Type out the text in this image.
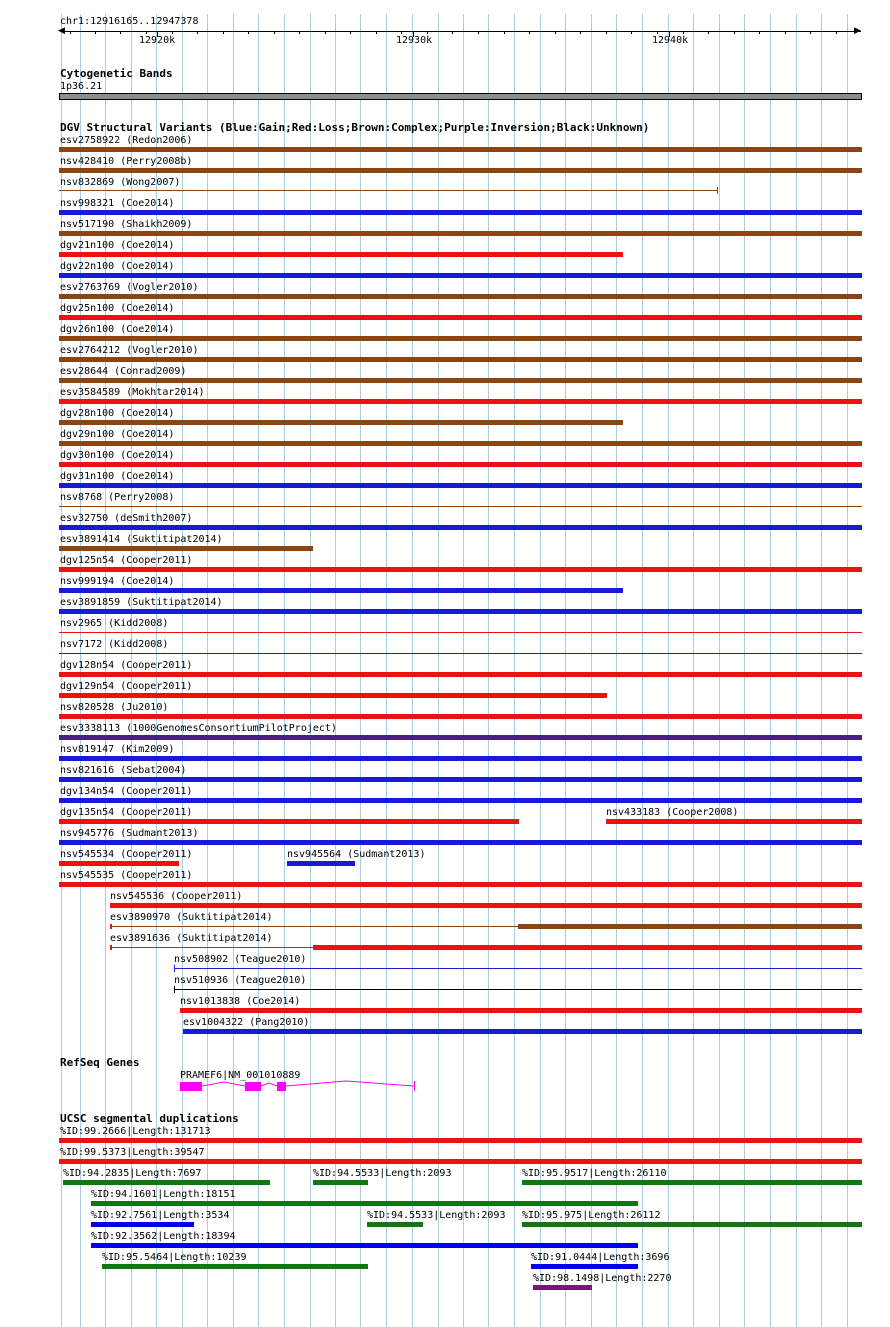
chr1:12916165..12947378
◀	▶
12920k	12930k	12940k
Cytogenetic Bands
1p36.21
DGV Structural Variants (Blue:Gain;Red:Loss;Brown:Complex;Purple:Inversion;Black:Unknown)
esv2758922 (Redon2006)
nsv428410 (Perry2008b)
nsv832869 (Wong2007)
nsv998321 (Coe2014)
nsv517190 (Shaikh2009)
dgv21n100 (Coe2014)
dgv22n100 (Coe2014)
esv2763769 (Vogler2010)
dgv25n100 (Coe2014)
dgv26n100 (Coe2014)
esv2764212 (Vogler2010)
esv28644 (Conrad2009)
esv3584589 (Mokhtar2014)
dgv28n100 (Coe2014)
dgv29n100 (Coe2014)
dgv30n100 (Coe2014)
dgv31n100 (Coe2014)
nsv8768 (Perry2008)
esv32750 (deSmith2007)
esv3891414 (Suktitipat2014)
dgv125n54 (Cooper2011)
nsv999194 (Coe2014)
esv3891859 (Suktitipat2014)
nsv2965 (Kidd2008)
nsv7172 (Kidd2008)
dgv128n54 (Cooper2011)
dgv129n54 (Cooper2011)
nsv820528 (Ju2010)
esv3338113 (1000GenomesConsortiumPilotProject)
nsv819147 (Kim2009)
nsv821616 (Sebat2004)
dgv134n54 (Cooper2011)
dgv135n54 (Cooper2011)	nsv433183 (Cooper2008)
nsv945776 (Sudmant2013)
nsv545534 (Cooper2011)	nsv945564 (Sudmant2013)
nsv545535 (Cooper2011)
nsv545536 (Cooper2011)
esv3890970 (Suktitipat2014)
esv3891636 (Suktitipat2014)
nsv508902 (Teague2010)
nsv510936 (Teague2010)
nsv1013838 (Coe2014)
esv1004322 (Pang2010)
RefSeq Genes
PRAMEF6|NM_001010889
UCSC segmental duplications
%ID:99.2666|Length:131713
%ID:99.5373|Length:39547
%ID:94.2835|Length:7697	%ID:94.5533|Length:2093	%ID:95.9517|Length:26110
%ID:94.1601|Length:18151
%ID:92.7561|Length:3534	%ID:94.5533|Length:2093 %ID:95.975|Length:26112
%ID:92.3562|Length:18394
%ID:95.5464|Length:10239	%ID:91.0444|Length:3696
%ID:98.1498|Length:2270
